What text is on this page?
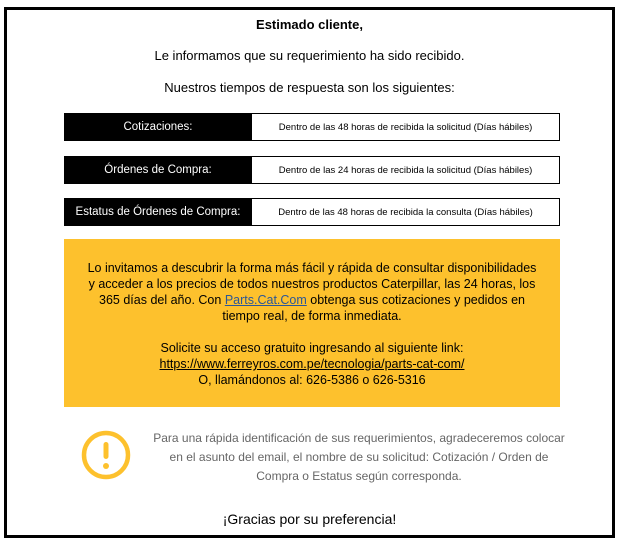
Estimado cliente,
Le informamos que su requerimiento ha sido recibido.
Nuestros tiempos de respuesta son los siguientes:
Cotizaciones:	Dentro de las 48 horas de recibida la solicitud (Días hábiles)
Órdenes de Compra:	Dentro de las 24 horas de recibida la solicitud (Días hábiles)
Estatus de Órdenes de Compra:	Dentro de las 48 horas de recibida la consulta (Días hábiles)
Lo invitamos a descubrir la forma más fácil y rápida de consultar disponibilidades y acceder a los precios de todos nuestros productos Caterpillar, las 24 horas, los 365 días del año. Con Parts.Cat.Com obtenga sus cotizaciones y pedidos en tiempo real, de forma inmediata.
Solicite su acceso gratuito ingresando al siguiente link:
https://www.ferreyros.com.pe/tecnologia/parts-cat-com/
O, llamándonos al: 626-5386 o 626-5316
Para una rápida identificación de sus requerimientos, agradeceremos colocar en el asunto del email, el nombre de su solicitud: Cotización / Orden de Compra o Estatus según corresponda.
¡Gracias por su preferencia!
